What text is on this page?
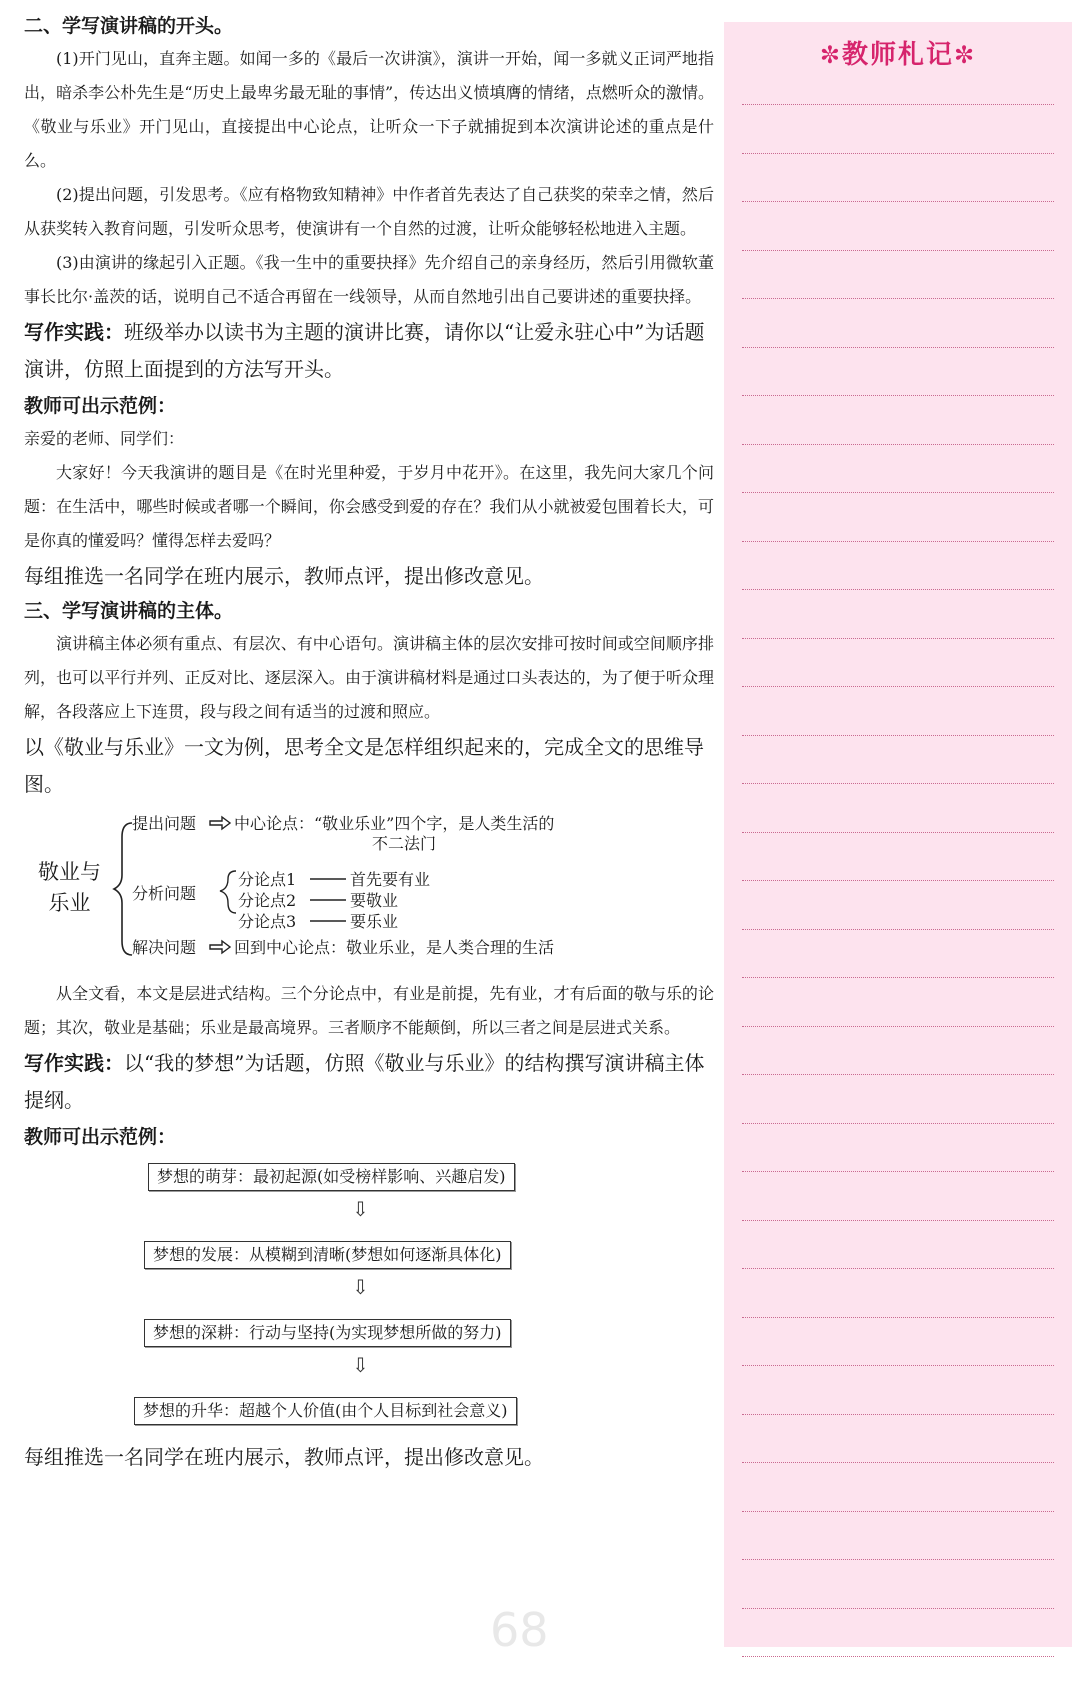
二、学写演讲稿的开头。

(1)开门见山，直奔主题。如闻一多的《最后一次讲演》，演讲一开始，闻一多就义正词严地指出，暗杀李公朴先生是“历史上最卑劣最无耻的事情”，传达出义愤填膺的情绪，点燃听众的激情。《敬业与乐业》开门见山，直接提出中心论点，让听众一下子就捕捉到本次演讲论述的重点是什么。

(2)提出问题，引发思考。《应有格物致知精神》中作者首先表达了自己获奖的荣幸之情，然后从获奖转入教育问题，引发听众思考，使演讲有一个自然的过渡，让听众能够轻松地进入主题。

(3)由演讲的缘起引入正题。《我一生中的重要抉择》先介绍自己的亲身经历，然后引用微软董事长比尔·盖茨的话，说明自己不适合再留在一线领导，从而自然地引出自己要讲述的重要抉择。

写作实践：班级举办以读书为主题的演讲比赛，请你以“让爱永驻心中”为话题演讲，仿照上面提到的方法写开头。

教师可出示范例：

亲爱的老师、同学们：

大家好！今天我演讲的题目是《在时光里种爱，于岁月中花开》。在这里，我先问大家几个问题：在生活中，哪些时候或者哪一个瞬间，你会感受到爱的存在？我们从小就被爱包围着长大，可是你真的懂爱吗？懂得怎样去爱吗？

每组推选一名同学在班内展示，教师点评，提出修改意见。

三、学写演讲稿的主体。

演讲稿主体必须有重点、有层次、有中心语句。演讲稿主体的层次安排可按时间或空间顺序排列，也可以平行并列、正反对比、逐层深入。由于演讲稿材料是通过口头表达的，为了便于听众理解，各段落应上下连贯，段与段之间有适当的过渡和照应。

以《敬业与乐业》一文为例，思考全文是怎样组织起来的，完成全文的思维导图。

敬业与
乐业
提出问题 中心论点：“敬业乐业”四个字，是人类生活的
不二法门
分析问题
分论点1	首先要有业
分论点2	要敬业
分论点3	要乐业
解决问题 回到中心论点：敬业乐业，是人类合理的生活

从全文看，本文是层进式结构。三个分论点中，有业是前提，先有业，才有后面的敬与乐的论题；其次，敬业是基础；乐业是最高境界。三者顺序不能颠倒，所以三者之间是层进式关系。

写作实践：以“我的梦想”为话题，仿照《敬业与乐业》的结构撰写演讲稿主体提纲。

教师可出示范例：

梦想的萌芽：最初起源(如受榜样影响、兴趣启发)
⇩
梦想的发展：从模糊到清晰(梦想如何逐渐具体化)
⇩
梦想的深耕：行动与坚持(为实现梦想所做的努力)
⇩
梦想的升华：超越个人价值(由个人目标到社会意义)

每组推选一名同学在班内展示，教师点评，提出修改意见。

68
✼教师札记✼
